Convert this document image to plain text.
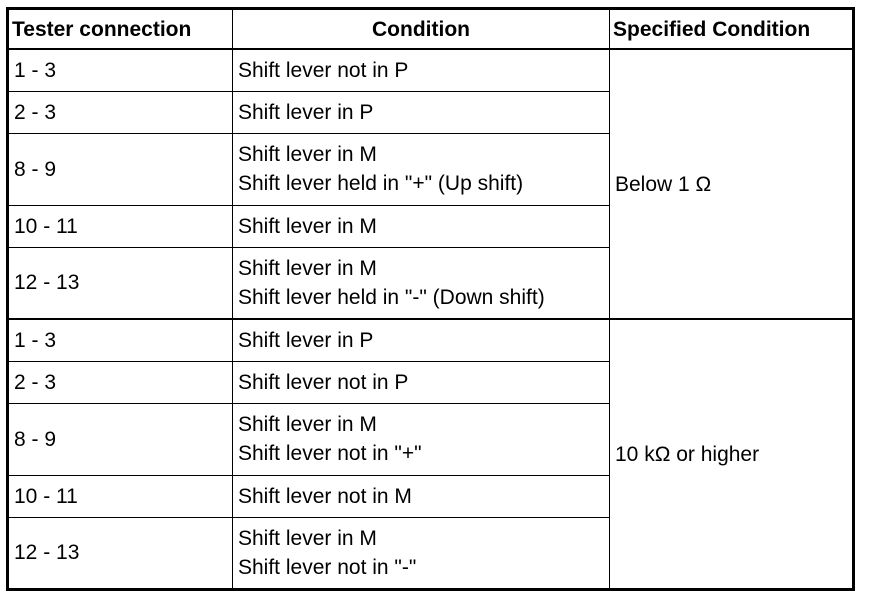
Tester connection	Condition	Specified Condition
1 - 3	Shift lever not in P	Below 1 Ω
2 - 3	Shift lever in P	

8 - 9	Shift lever in M
Shift lever held in "+" (Up shift)	

10 - 11	Shift lever in M	

12 - 13	Shift lever in M
Shift lever held in "-" (Down shift)	

1 - 3	Shift lever in P	10 kΩ or higher
2 - 3	Shift lever not in P	

8 - 9	Shift lever in M
Shift lever not in "+"	

10 - 11	Shift lever not in M	

12 - 13	Shift lever in M
Shift lever not in "-"	
